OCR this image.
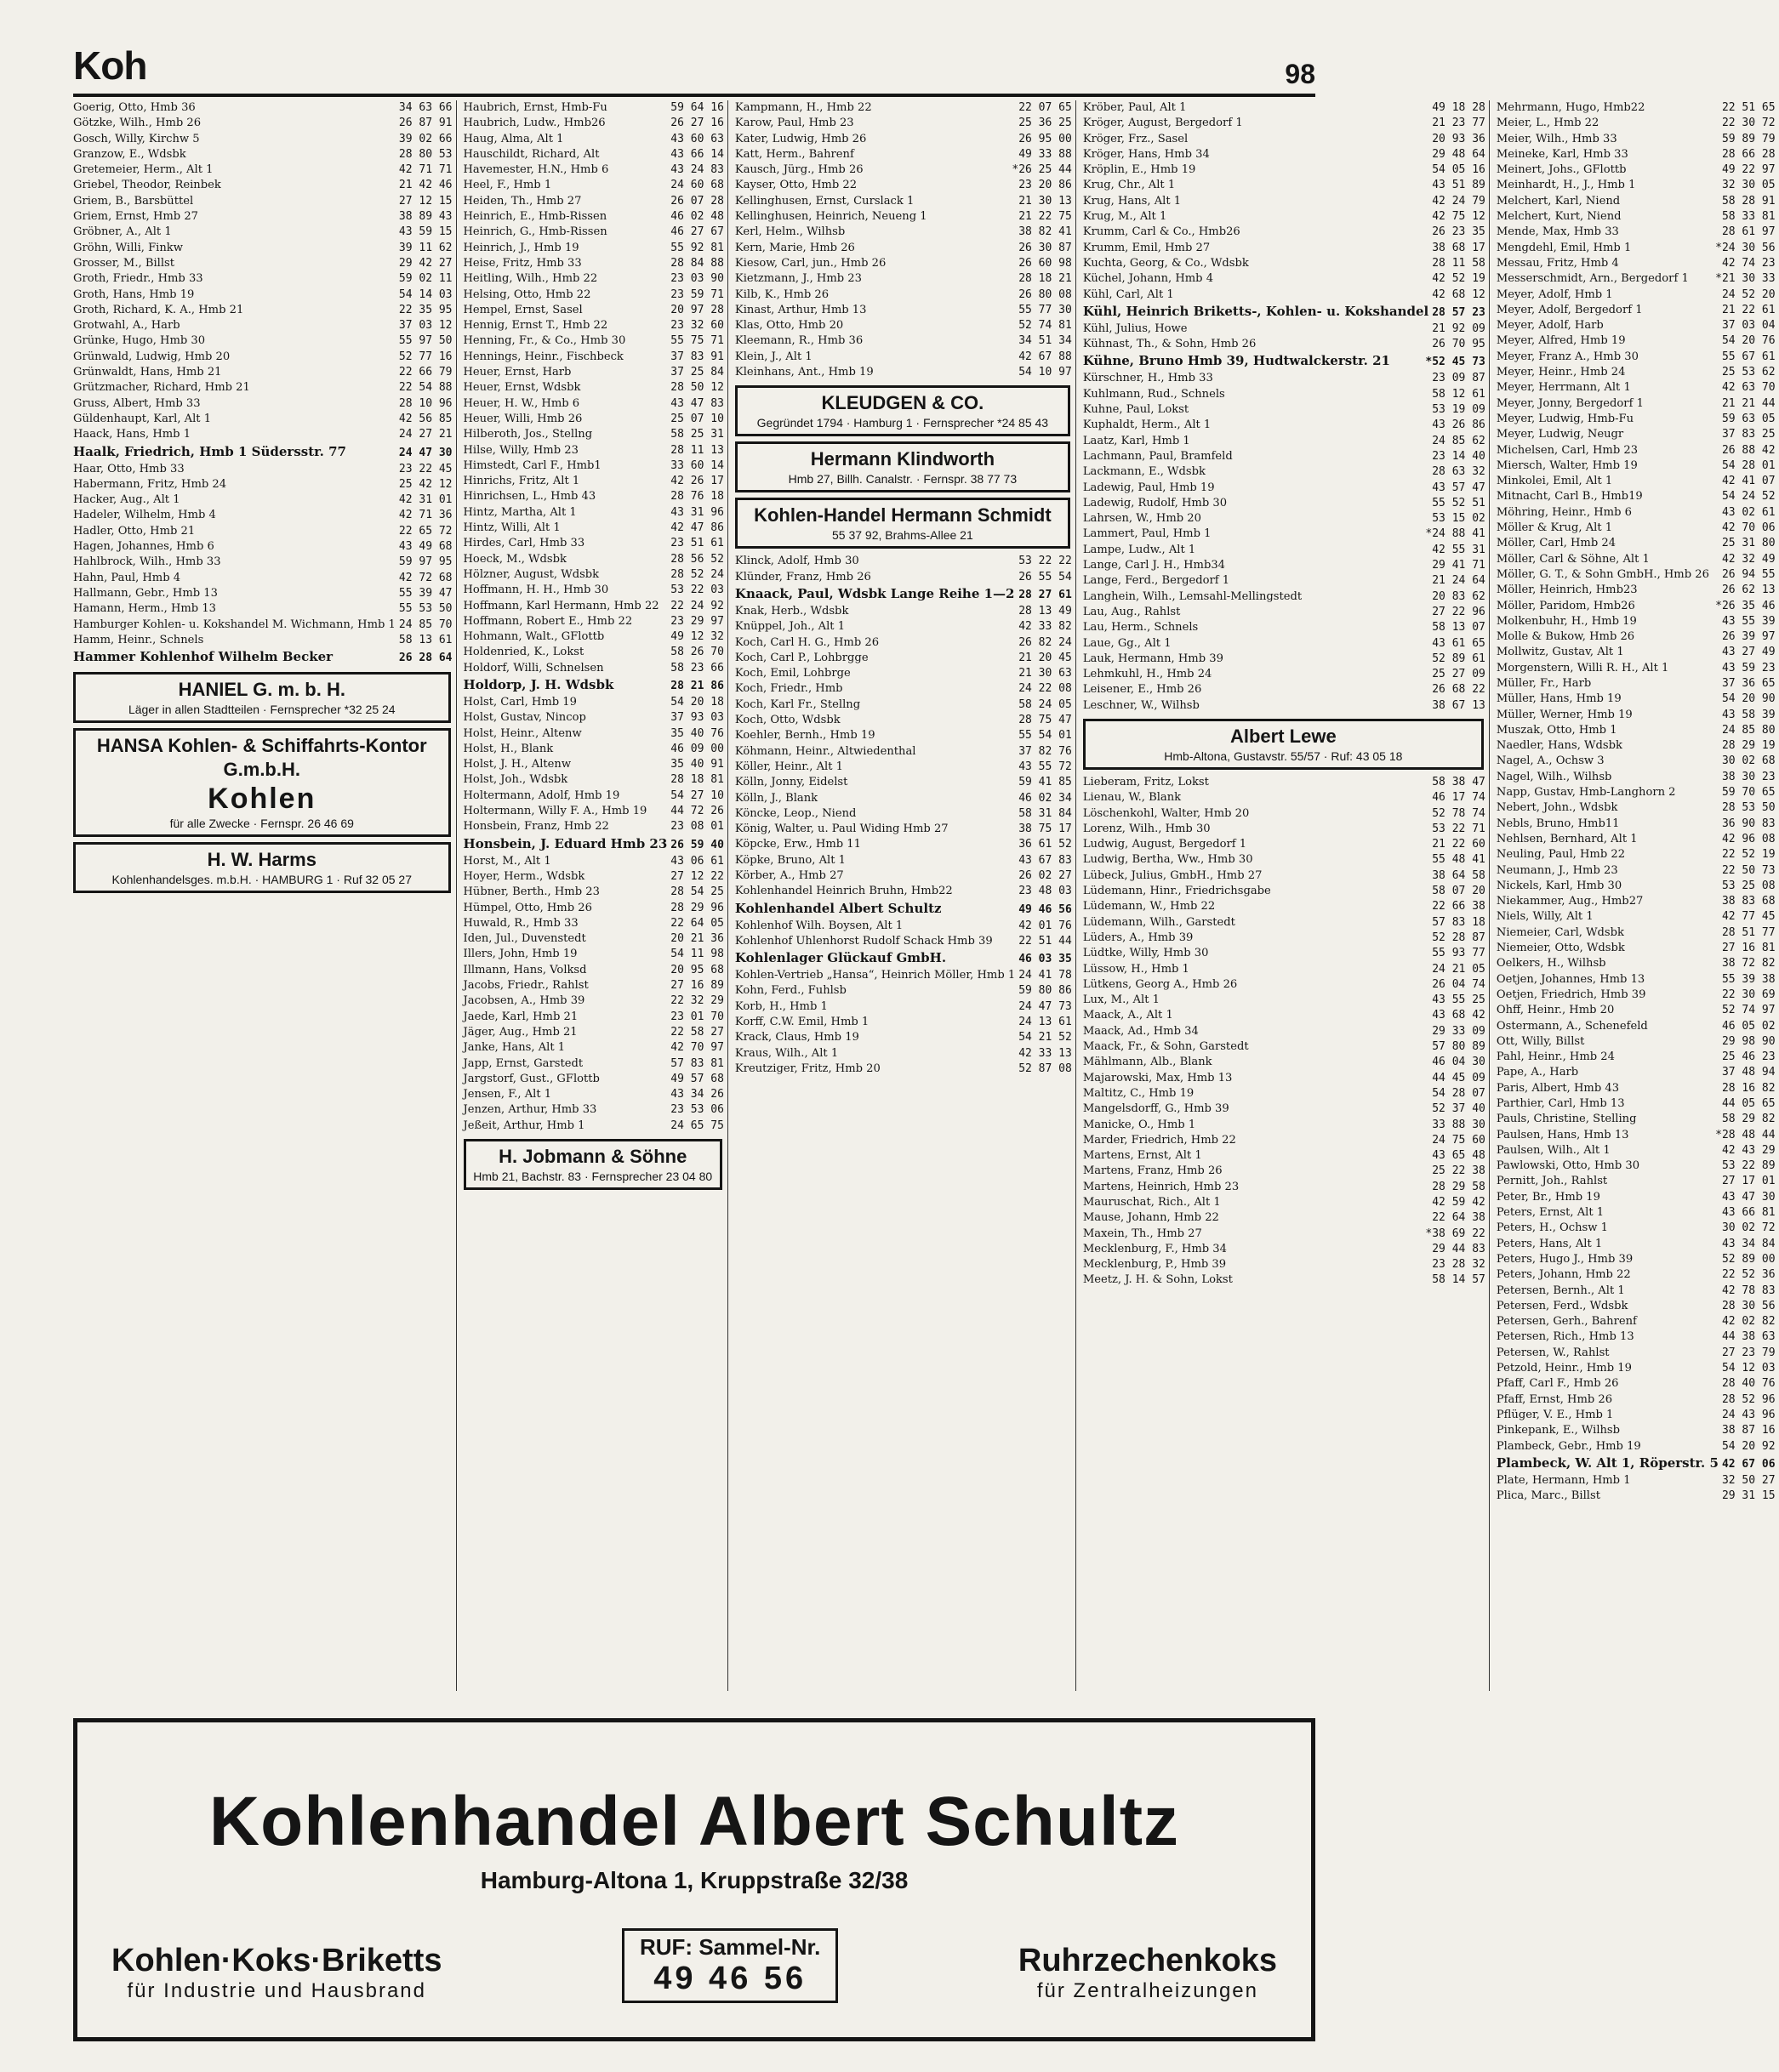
Koh	98
Goerig, Otto, Hmb 36	34 63 66
Götzke, Wilh., Hmb 26	26 87 91
Gosch, Willy, Kirchw 5	39 02 66
Granzow, E., Wdsbk	28 80 53
Gretemeier, Herm., Alt 1	42 71 71
Griebel, Theodor, Reinbek	21 42 46
Griem, B., Barsbüttel	27 12 15
Griem, Ernst, Hmb 27	38 89 43
Gröbner, A., Alt 1	43 59 15
Gröhn, Willi, Finkw	39 11 62
Grosser, M., Billst	29 42 27
Groth, Friedr., Hmb 33	59 02 11
Groth, Hans, Hmb 19	54 14 03
Groth, Richard, K. A., Hmb 21	22 35 95
Grotwahl, A., Harb	37 03 12
Grünke, Hugo, Hmb 30	55 97 50
Grünwald, Ludwig, Hmb 20	52 77 16
Grünwaldt, Hans, Hmb 21	22 66 79
Grützmacher, Richard, Hmb 21	22 54 88
Gruss, Albert, Hmb 33	28 10 96
Güldenhaupt, Karl, Alt 1	42 56 85
Haack, Hans, Hmb 1	24 27 21
Haalk, Friedrich, Hmb 1 Südersstr. 77	24 47 30
Haar, Otto, Hmb 33	23 22 45
Habermann, Fritz, Hmb 24	25 42 12
Hacker, Aug., Alt 1	42 31 01
Hadeler, Wilhelm, Hmb 4	42 71 36
Hadler, Otto, Hmb 21	22 65 72
Hagen, Johannes, Hmb 6	43 49 68
Hahlbrock, Wilh., Hmb 33	59 97 95
Hahn, Paul, Hmb 4	42 72 68
Hallmann, Gebr., Hmb 13	55 39 47
Hamann, Herm., Hmb 13	55 53 50
Hamburger Kohlen- u. Kokshandel M. Wichmann, Hmb 1 24 85 70
Hamm, Heinr., Schnels	58 13 61
Hammer Kohlenhof Wilhelm Becker	26 28 64
HANIEL G. m. b. H.
Läger in allen Stadtteilen · Fernsprecher *32 25 24
HANSA Kohlen- & Schiffahrts-Kontor G.m.b.H.
Kohlen
für alle Zwecke · Fernspr. 26 46 69
H. W. Harms
Kohlenhandelsges. m.b.H. · HAMBURG 1 · Ruf 32 05 27
Haubrich, Ernst, Hmb-Fu	59 64 16
Haubrich, Ludw., Hmb26	26 27 16
Haug, Alma, Alt 1	43 60 63
Hauschildt, Richard, Alt	43 66 14
Havemester, H.N., Hmb 6	43 24 83
Heel, F., Hmb 1	24 60 68
Heiden, Th., Hmb 27	26 07 28
Heinrich, E., Hmb-Rissen	46 02 48
Heinrich, G., Hmb-Rissen	46 27 67
Heinrich, J., Hmb 19	55 92 81
Heise, Fritz, Hmb 33	28 84 88
Heitling, Wilh., Hmb 22	23 03 90
Helsing, Otto, Hmb 22	23 59 71
Hempel, Ernst, Sasel	20 97 28
Hennig, Ernst T., Hmb 22	23 32 60
Henning, Fr., & Co., Hmb 30	55 75 71
Hennings, Heinr., Fischbeck	37 83 91
Heuer, Ernst, Harb	37 25 84
Heuer, Ernst, Wdsbk	28 50 12
Heuer, H. W., Hmb 6	43 47 83
Heuer, Willi, Hmb 26	25 07 10
Hilberoth, Jos., Stellng	58 25 31
Hilse, Willy, Hmb 23	28 11 13
Himstedt, Carl F., Hmb1	33 60 14
Hinrichs, Fritz, Alt 1	42 26 17
Hinrichsen, L., Hmb 43	28 76 18
Hintz, Martha, Alt 1	43 31 96
Hintz, Willi, Alt 1	42 47 86
Hirdes, Carl, Hmb 33	23 51 61
Hoeck, M., Wdsbk	28 56 52
Hölzner, August, Wdsbk	28 52 24
Hoffmann, H. H., Hmb 30	53 22 03
Hoffmann, Karl Hermann, Hmb 22	22 24 92
Hoffmann, Robert E., Hmb 22	23 29 97
Hohmann, Walt., GFlottb	49 12 32
Holdenried, K., Lokst	58 26 70
Holdorf, Willi, Schnelsen	58 23 66
Holdorp, J. H. Wdsbk	28 21 86
Holst, Carl, Hmb 19	54 20 18
Holst, Gustav, Nincop	37 93 03
Holst, Heinr., Altenw	35 40 76
Holst, H., Blank	46 09 00
Holst, J. H., Altenw	35 40 91
Holst, Joh., Wdsbk	28 18 81
Holtermann, Adolf, Hmb 19	54 27 10
Holtermann, Willy F. A., Hmb 19	44 72 26
Honsbein, Franz, Hmb 22	23 08 01
Honsbein, J. Eduard Hmb 23 26 59 40
Horst, M., Alt 1	43 06 61
Hoyer, Herm., Wdsbk	27 12 22
Hübner, Berth., Hmb 23	28 54 25
Hümpel, Otto, Hmb 26	28 29 96
Huwald, R., Hmb 33	22 64 05
Iden, Jul., Duvenstedt	20 21 36
Illers, John, Hmb 19	54 11 98
Illmann, Hans, Volksd	20 95 68
Jacobs, Friedr., Rahlst	27 16 89
Jacobsen, A., Hmb 39	22 32 29
Jaede, Karl, Hmb 21	23 01 70
Jäger, Aug., Hmb 21	22 58 27
Janke, Hans, Alt 1	42 70 97
Japp, Ernst, Garstedt	57 83 81
Jargstorf, Gust., GFlottb	49 57 68
Jensen, F., Alt 1	43 34 26
Jenzen, Arthur, Hmb 33	23 53 06
Jeßeit, Arthur, Hmb 1	24 65 75
H. Jobmann & Söhne
Hmb 21, Bachstr. 83 · Fernsprecher 23 04 80
Kampmann, H., Hmb 22	22 07 65
Karow, Paul, Hmb 23	25 36 25
Kater, Ludwig, Hmb 26	26 95 00
Katt, Herm., Bahrenf	49 33 88
Kausch, Jürg., Hmb 26	*26 25 44
Kayser, Otto, Hmb 22	23 20 86
Kellinghusen, Ernst, Curslack 1	21 30 13
Kellinghusen, Heinrich, Neueng 1	21 22 75
Kerl, Helm., Wilhsb	38 82 41
Kern, Marie, Hmb 26	26 30 87
Kiesow, Carl, jun., Hmb 26	26 60 98
Kietzmann, J., Hmb 23	28 18 21
Kilb, K., Hmb 26	26 80 08
Kinast, Arthur, Hmb 13	55 77 30
Klas, Otto, Hmb 20	52 74 81
Kleemann, R., Hmb 36	34 51 34
Klein, J., Alt 1	42 67 88
Kleinhans, Ant., Hmb 19	54 10 97
KLEUDGEN & CO.
Gegründet 1794 · Hamburg 1 · Fernsprecher *24 85 43
Hermann Klindworth
Hmb 27, Billh. Canalstr. · Fernspr. 38 77 73
Kohlen-Handel Hermann Schmidt
55 37 92, Brahms-Allee 21
Klinck, Adolf, Hmb 30	53 22 22
Klünder, Franz, Hmb 26	26 55 54
Knaack, Paul, Wdsbk Lange Reihe 1—2 28 27 61
Knak, Herb., Wdsbk	28 13 49
Knüppel, Joh., Alt 1	42 33 82
Koch, Carl H. G., Hmb 26	26 82 24
Koch, Carl P., Lohbrgge	21 20 45
Koch, Emil, Lohbrge	21 30 63
Koch, Friedr., Hmb	24 22 08
Koch, Karl Fr., Stellng	58 24 05
Koch, Otto, Wdsbk	28 75 47
Koehler, Bernh., Hmb 19	55 54 01
Köhmann, Heinr., Altwiedenthal	37 82 76
Köller, Heinr., Alt 1	43 55 72
Kölln, Jonny, Eidelst	59 41 85
Kölln, J., Blank	46 02 34
Köncke, Leop., Niend	58 31 84
König, Walter, u. Paul Widing Hmb 27	38 75 17
Köpcke, Erw., Hmb 11	36 61 52
Köpke, Bruno, Alt 1	43 67 83
Körber, A., Hmb 27	26 02 27
Kohlenhandel Heinrich Bruhn, Hmb22	23 48 03
Kohlenhandel Albert Schultz	49 46 56
Kohlenhof Wilh. Boysen, Alt 1	42 01 76
Kohlenhof Uhlenhorst Rudolf Schack Hmb 39	22 51 44
Kohlenlager Glückauf GmbH.	46 03 35
Kohlen-Vertrieb „Hansa“, Heinrich Möller, Hmb 1 24 41 78
Kohn, Ferd., Fuhlsb	59 80 86
Korb, H., Hmb 1	24 47 73
Korff, C.W. Emil, Hmb 1	24 13 61
Krack, Claus, Hmb 19	54 21 52
Kraus, Wilh., Alt 1	42 33 13
Kreutziger, Fritz, Hmb 20	52 87 08
Kröber, Paul, Alt 1	49 18 28
Kröger, August, Bergedorf 1	21 23 77
Kröger, Frz., Sasel	20 93 36
Kröger, Hans, Hmb 34	29 48 64
Kröplin, E., Hmb 19	54 05 16
Krug, Chr., Alt 1	43 51 89
Krug, Hans, Alt 1	42 24 79
Krug, M., Alt 1	42 75 12
Krumm, Carl & Co., Hmb26	26 23 35
Krumm, Emil, Hmb 27	38 68 17
Kuchta, Georg, & Co., Wdsbk	28 11 58
Küchel, Johann, Hmb 4	42 52 19
Kühl, Carl, Alt 1	42 68 12
Kühl, Heinrich Briketts-, Kohlen- u. Kokshandel 28 57 23
Kühl, Julius, Howe	21 92 09
Kühnast, Th., & Sohn, Hmb 26	26 70 95
Kühne, Bruno Hmb 39, Hudtwalckerstr. 21	*52 45 73
Kürschner, H., Hmb 33	23 09 87
Kuhlmann, Rud., Schnels	58 12 61
Kuhne, Paul, Lokst	53 19 09
Kuphaldt, Herm., Alt 1	43 26 86
Laatz, Karl, Hmb 1	24 85 62
Lachmann, Paul, Bramfeld	23 14 40
Lackmann, E., Wdsbk	28 63 32
Ladewig, Paul, Hmb 19	43 57 47
Ladewig, Rudolf, Hmb 30	55 52 51
Lahrsen, W., Hmb 20	53 15 02
Lammert, Paul, Hmb 1	*24 88 41
Lampe, Ludw., Alt 1	42 55 31
Lange, Carl J. H., Hmb34	29 41 71
Lange, Ferd., Bergedorf 1	21 24 64
Langhein, Wilh., Lemsahl-Mellingstedt	20 83 62
Lau, Aug., Rahlst	27 22 96
Lau, Herm., Schnels	58 13 07
Laue, Gg., Alt 1	43 61 65
Lauk, Hermann, Hmb 39	52 89 61
Lehmkuhl, H., Hmb 24	25 27 09
Leisener, E., Hmb 26	26 68 22
Leschner, W., Wilhsb	38 67 13
Albert Lewe
Hmb-Altona, Gustavstr. 55/57 · Ruf: 43 05 18
Lieberam, Fritz, Lokst	58 38 47
Lienau, W., Blank	46 17 74
Löschenkohl, Walter, Hmb 20	52 78 74
Lorenz, Wilh., Hmb 30	53 22 71
Ludwig, August, Bergedorf 1	21 22 60
Ludwig, Bertha, Ww., Hmb 30	55 48 41
Lübeck, Julius, GmbH., Hmb 27	38 64 58
Lüdemann, Hinr., Friedrichsgabe	58 07 20
Lüdemann, W., Hmb 22	22 66 38
Lüdemann, Wilh., Garstedt	57 83 18
Lüders, A., Hmb 39	52 28 87
Lüdtke, Willy, Hmb 30	55 93 77
Lüssow, H., Hmb 1	24 21 05
Lütkens, Georg A., Hmb 26	26 04 74
Lux, M., Alt 1	43 55 25
Maack, A., Alt 1	43 68 42
Maack, Ad., Hmb 34	29 33 09
Maack, Fr., & Sohn, Garstedt	57 80 89
Mählmann, Alb., Blank	46 04 30
Majarowski, Max, Hmb 13	44 45 09
Maltitz, C., Hmb 19	54 28 07
Mangelsdorff, G., Hmb 39	52 37 40
Manicke, O., Hmb 1	33 88 30
Marder, Friedrich, Hmb 22	24 75 60
Martens, Ernst, Alt 1	43 65 48
Martens, Franz, Hmb 26	25 22 38
Martens, Heinrich, Hmb 23	28 29 58
Mauruschat, Rich., Alt 1	42 59 42
Mause, Johann, Hmb 22	22 64 38
Maxein, Th., Hmb 27	*38 69 22
Mecklenburg, F., Hmb 34	29 44 83
Mecklenburg, P., Hmb 39	23 28 32
Meetz, J. H. & Sohn, Lokst	58 14 57
Mehrmann, Hugo, Hmb22	22 51 65
Meier, L., Hmb 22	22 30 72
Meier, Wilh., Hmb 33	59 89 79
Meineke, Karl, Hmb 33	28 66 28
Meinert, Johs., GFlottb	49 22 97
Meinhardt, H., J., Hmb 1	32 30 05
Melchert, Karl, Niend	58 28 91
Melchert, Kurt, Niend	58 33 81
Mende, Max, Hmb 33	28 61 97
Mengdehl, Emil, Hmb 1	*24 30 56
Messau, Fritz, Hmb 4	42 74 23
Messerschmidt, Arn., Bergedorf 1	*21 30 33
Meyer, Adolf, Hmb 1	24 52 20
Meyer, Adolf, Bergedorf 1	21 22 61
Meyer, Adolf, Harb	37 03 04
Meyer, Alfred, Hmb 19	54 20 76
Meyer, Franz A., Hmb 30	55 67 61
Meyer, Heinr., Hmb 24	25 53 62
Meyer, Herrmann, Alt 1	42 63 70
Meyer, Jonny, Bergedorf 1	21 21 44
Meyer, Ludwig, Hmb-Fu	59 63 05
Meyer, Ludwig, Neugr	37 83 25
Michelsen, Carl, Hmb 23	26 88 42
Miersch, Walter, Hmb 19	54 28 01
Minkolei, Emil, Alt 1	42 41 07
Mitnacht, Carl B., Hmb19	54 24 52
Möhring, Heinr., Hmb 6	43 02 61
Möller & Krug, Alt 1	42 70 06
Möller, Carl, Hmb 24	25 31 80
Möller, Carl & Söhne, Alt 1	42 32 49
Möller, G. T., & Sohn GmbH., Hmb 26	26 94 55
Möller, Heinrich, Hmb23	26 62 13
Möller, Paridom, Hmb26	*26 35 46
Molkenbuhr, H., Hmb 19	43 55 39
Molle & Bukow, Hmb 26	26 39 97
Mollwitz, Gustav, Alt 1	43 27 49
Morgenstern, Willi R. H., Alt 1	43 59 23
Müller, Fr., Harb	37 36 65
Müller, Hans, Hmb 19	54 20 90
Müller, Werner, Hmb 19	43 58 39
Muszak, Otto, Hmb 1	24 85 80
Naedler, Hans, Wdsbk	28 29 19
Nagel, A., Ochsw 3	30 02 68
Nagel, Wilh., Wilhsb	38 30 23
Napp, Gustav, Hmb-Langhorn 2	59 70 65
Nebert, John., Wdsbk	28 53 50
Nebls, Bruno, Hmb11	36 90 83
Nehlsen, Bernhard, Alt 1	42 96 08
Neuling, Paul, Hmb 22	22 52 19
Neumann, J., Hmb 23	22 50 73
Nickels, Karl, Hmb 30	53 25 08
Niekammer, Aug., Hmb27	38 83 68
Niels, Willy, Alt 1	42 77 45
Niemeier, Carl, Wdsbk	28 51 77
Niemeier, Otto, Wdsbk	27 16 81
Oelkers, H., Wilhsb	38 72 82
Oetjen, Johannes, Hmb 13	55 39 38
Oetjen, Friedrich, Hmb 39	22 30 69
Ohff, Heinr., Hmb 20	52 74 97
Ostermann, A., Schenefeld	46 05 02
Ott, Willy, Billst	29 98 90
Pahl, Heinr., Hmb 24	25 46 23
Pape, A., Harb	37 48 94
Paris, Albert, Hmb 43	28 16 82
Parthier, Carl, Hmb 13	44 05 65
Pauls, Christine, Stelling	58 29 82
Paulsen, Hans, Hmb 13	*28 48 44
Paulsen, Wilh., Alt 1	42 43 29
Pawlowski, Otto, Hmb 30	53 22 89
Pernitt, Joh., Rahlst	27 17 01
Peter, Br., Hmb 19	43 47 30
Peters, Ernst, Alt 1	43 66 81
Peters, H., Ochsw 1	30 02 72
Peters, Hans, Alt 1	43 34 84
Peters, Hugo J., Hmb 39	52 89 00
Peters, Johann, Hmb 22	22 52 36
Petersen, Bernh., Alt 1	42 78 83
Petersen, Ferd., Wdsbk	28 30 56
Petersen, Gerh., Bahrenf	42 02 82
Petersen, Rich., Hmb 13	44 38 63
Petersen, W., Rahlst	27 23 79
Petzold, Heinr., Hmb 19	54 12 03
Pfaff, Carl F., Hmb 26	28 40 76
Pfaff, Ernst, Hmb 26	28 52 96
Pflüger, V. E., Hmb 1	24 43 96
Pinkepank, E., Wilhsb	38 87 16
Plambeck, Gebr., Hmb 19	54 20 92
Plambeck, W. Alt 1, Röperstr. 5 42 67 06
Plate, Hermann, Hmb 1	32 50 27
Plica, Marc., Billst	29 31 15
Kohlenhandel Albert Schultz
Hamburg-Altona 1, Kruppstraße 32/38
Kohlen·Koks·Briketts
für Industrie und Hausbrand
RUF: Sammel-Nr.
49 46 56	Ruhrzechenkoks
für Zentralheizungen
